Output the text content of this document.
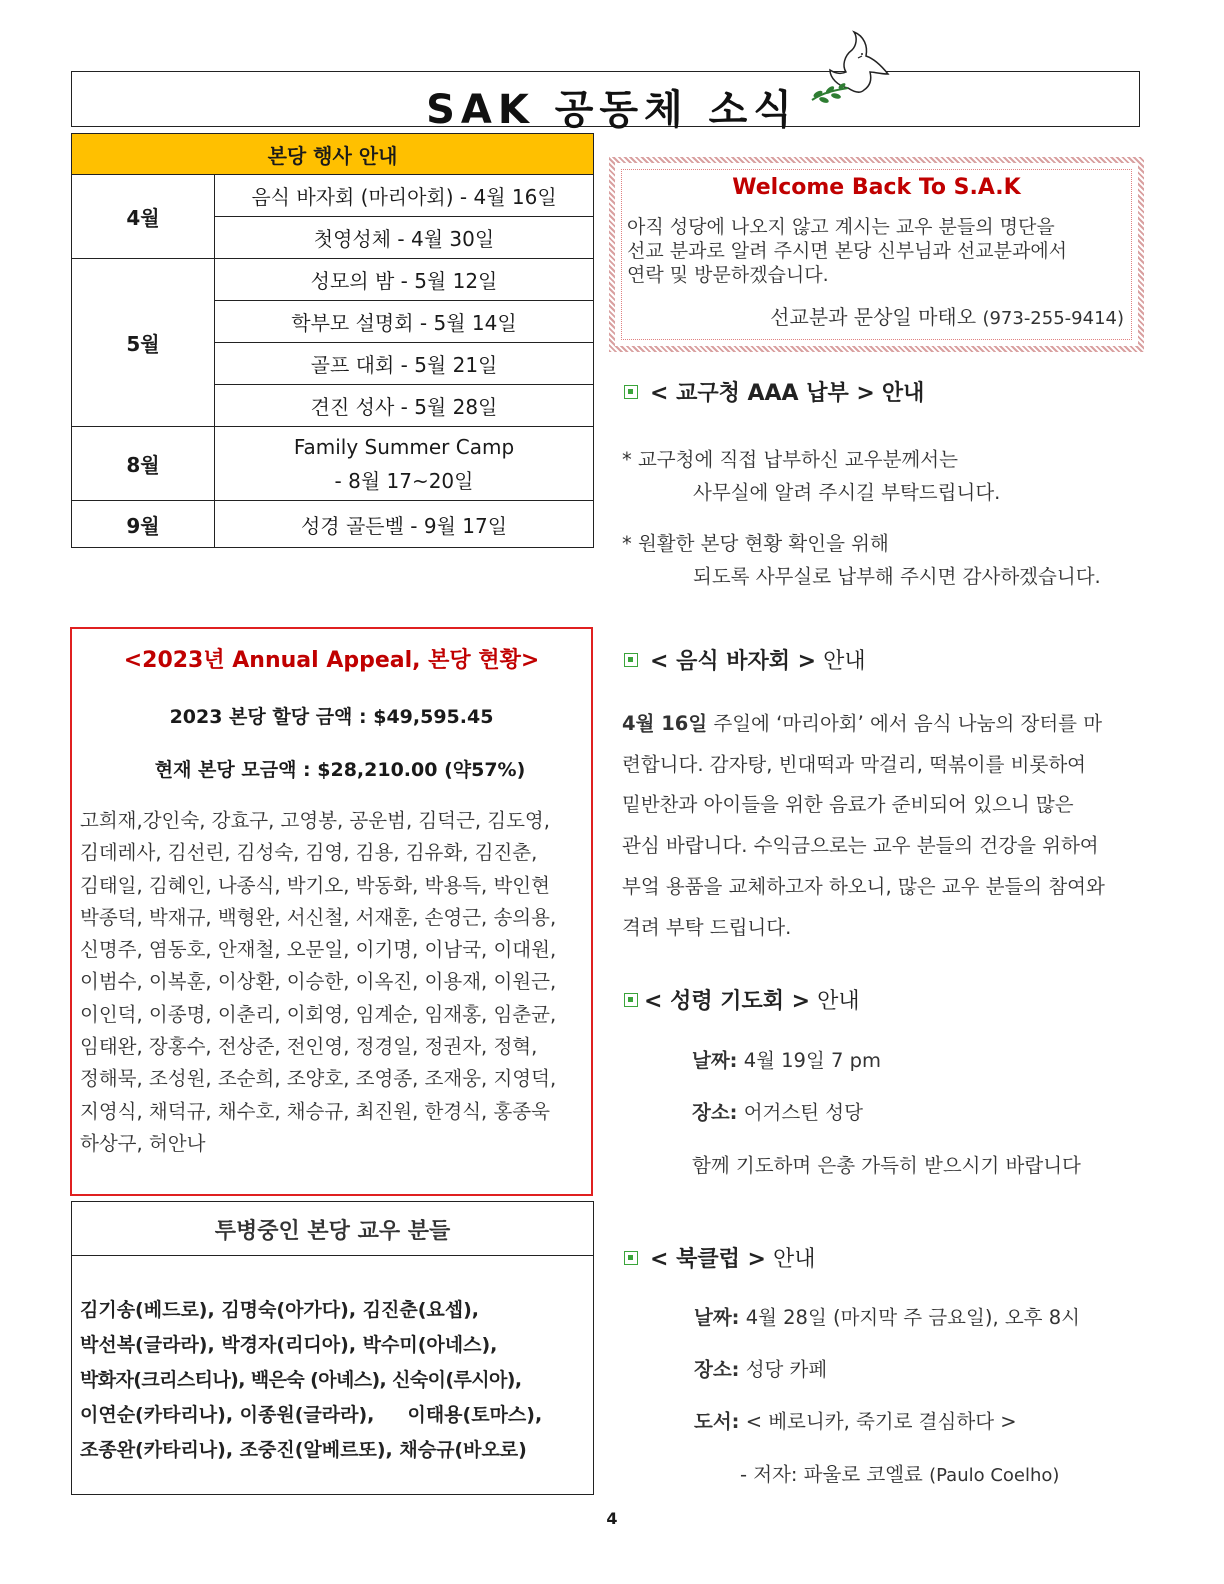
SAK 공동체 소식
본당 행사 안내	
4월	음식 바자회 (마리아회) - 4월 16일
	첫영성체 - 4월 30일
5월	성모의 밤 - 5월 12일
	학부모 설명회 - 5월 14일
	골프 대회 - 5월 21일
	견진 성사 - 5월 28일
8월	Family Summer Camp
- 8월 17~20일

9월	성경 골든벨 - 9월 17일
Welcome Back To S.A.K
아직 성당에 나오지 않고 계시는 교우 분들의 명단을
선교 분과로 알려 주시면 본당 신부님과 선교분과에서
연락 및 방문하겠습니다.
선교분과 문상일 마태오 (973-255-9414)
< 교구청 AAA 납부 > 안내
* 교구청에 직접 납부하신 교우분께서는
사무실에 알려 주시길 부탁드립니다.
* 원활한 본당 현황 확인을 위해
되도록 사무실로 납부해 주시면 감사하겠습니다.
< 음식 바자회 > 안내
4월 16일 주일에 ‘마리아회’ 에서 음식 나눔의 장터를 마
련합니다. 감자탕, 빈대떡과 막걸리, 떡볶이를 비롯하여
밑반찬과 아이들을 위한 음료가 준비되어 있으니 많은
관심 바랍니다. 수익금으로는 교우 분들의 건강을 위하여
부엌 용품을 교체하고자 하오니, 많은 교우 분들의 참여와
격려 부탁 드립니다.
< 성령 기도회 > 안내
날짜: 4월 19일 7 pm
장소: 어거스틴 성당
함께 기도하며 은총 가득히 받으시기 바랍니다
< 북클럽 > 안내
날짜: 4월 28일 (마지막 주 금요일), 오후 8시
장소: 성당 카페
도서: < 베로니카, 죽기로 결심하다 >
- 저자: 파울로 코엘료 (Paulo Coelho)
<2023년 Annual Appeal, 본당 현황>
2023 본당 할당 금액 : $49,595.45
현재 본당 모금액 : $28,210.00 (약57%)
고희재,강인숙, 강효구, 고영봉, 공운범, 김덕근, 김도영,
김데레사, 김선린, 김성숙, 김영, 김용, 김유화, 김진춘,
김태일, 김혜인, 나종식, 박기오, 박동화, 박용득, 박인현
박종덕, 박재규, 백형완, 서신철, 서재훈, 손영근, 송의용,
신명주, 염동호, 안재철, 오문일, 이기명, 이남국, 이대원,
이범수, 이복훈, 이상환, 이승한, 이옥진, 이용재, 이원근,
이인덕, 이종명, 이춘리, 이회영, 임계순, 임재홍, 임춘균,
임태완, 장홍수, 전상준, 전인영, 정경일, 정권자, 정혁,
정해묵, 조성원, 조순희, 조양호, 조영종, 조재웅, 지영덕,
지영식, 채덕규, 채수호, 채승규, 최진원, 한경식, 홍종욱
하상구, 허안나
투병중인 본당 교우 분들
김기송(베드로), 김명숙(아가다), 김진춘(요셉),
박선복(글라라), 박경자(리디아), 박수미(아네스),
박화자(크리스티나), 백은숙 (아녜스), 신숙이(루시아),
이연순(카타리나), 이종원(글라라),     이태용(토마스),
조종완(카타리나), 조중진(알베르또), 채승규(바오로)
4
